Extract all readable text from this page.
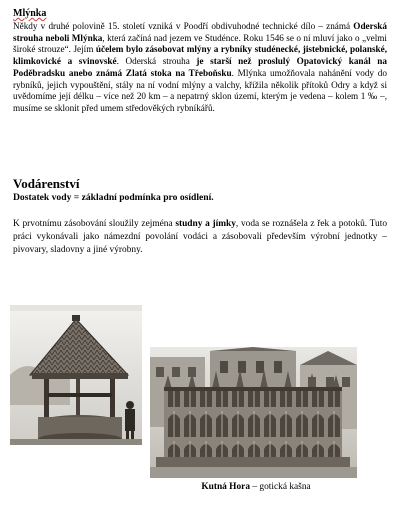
Mlýnka
Někdy v druhé polovině 15. století vzniká v Poodří obdivuhodné technické dílo – známá Oderská strouha neboli Mlýnka, která začíná nad jezem ve Studénce. Roku 1546 se o ní mluví jako o „velmi široké strouze“. Jejím účelem bylo zásobovat mlýny a rybníky studénecké, jistebnické, polanské, klimkovické a svinovské. Oderská strouha je starší než proslulý Opatovický kanál na Poděbradsku anebo známá Zlatá stoka na Třeboňsku. Mlýnka umožňovala nahánění vody do rybníků, jejich vypouštění, stály na ní vodní mlýny a valchy, křížila několik přítoků Odry a když si uvědomíme její délku – více než 20 km – a nepatrný sklon území, kterým je vedena – kolem 1 ‰ –, musíme se sklonit před umem středověkých rybníkářů.
Vodárenství
Dostatek vody = základní podmínka pro osídlení.
K prvotnímu zásobování sloužily zejména studny a jímky, voda se roznášela z řek a potoků. Tuto práci vykonávali jako námezdní povolání vodáci a zásobovali především výrobní jednotky – pivovary, sladovny a jiné výrobny.
Kutná Hora – gotická kašna
